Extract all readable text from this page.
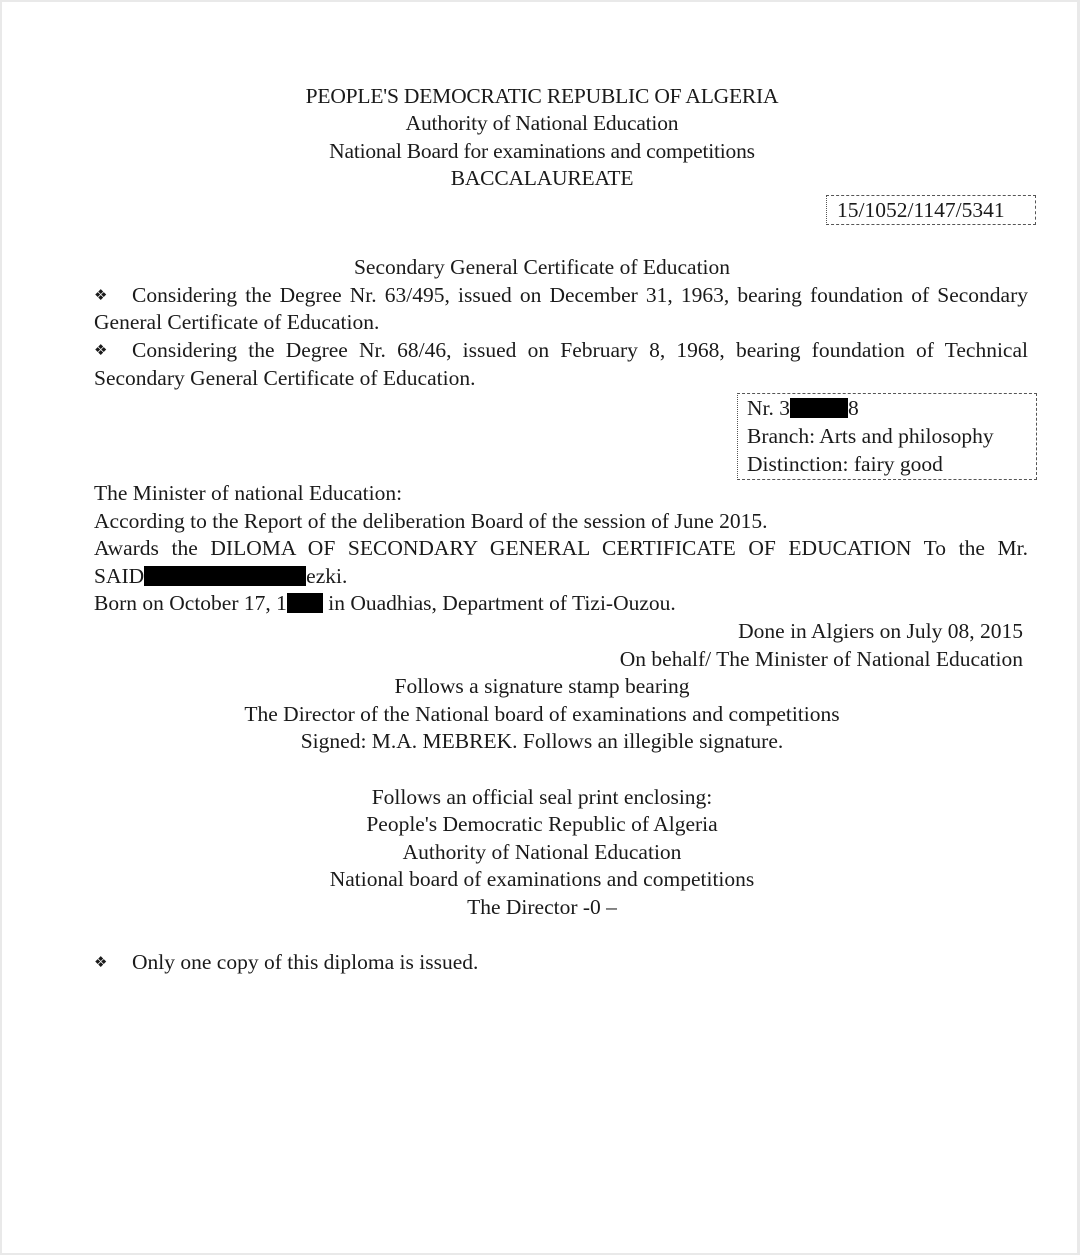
PEOPLE'S DEMOCRATIC REPUBLIC OF ALGERIA
Authority of National Education
National Board for examinations and competitions
BACCALAUREATE
15/1052/1147/5341
Secondary General Certificate of Education
❖ Considering the Degree Nr. 63/495, issued on December 31, 1963, bearing foundation of Secondary
General Certificate of Education.
❖ Considering the Degree Nr. 68/46, issued on February 8, 1968, bearing foundation of Technical
Secondary General Certificate of Education.
Nr. 3	8
Branch: Arts and philosophy
Distinction: fairy good
The Minister of national Education:
According to the Report of the deliberation Board of the session of June 2015.
Awards the DILOMA OF SECONDARY GENERAL CERTIFICATE OF EDUCATION To the Mr.
SAID	ezki.
Born on October 17, 1 in Ouadhias, Department of Tizi-Ouzou.
Done in Algiers on July 08, 2015
On behalf/ The Minister of National Education
Follows a signature stamp bearing
The Director of the National board of examinations and competitions
Signed: M.A. MEBREK. Follows an illegible signature.
Follows an official seal print enclosing:
People's Democratic Republic of Algeria
Authority of National Education
National board of examinations and competitions
The Director -0 –
❖ Only one copy of this diploma is issued.
